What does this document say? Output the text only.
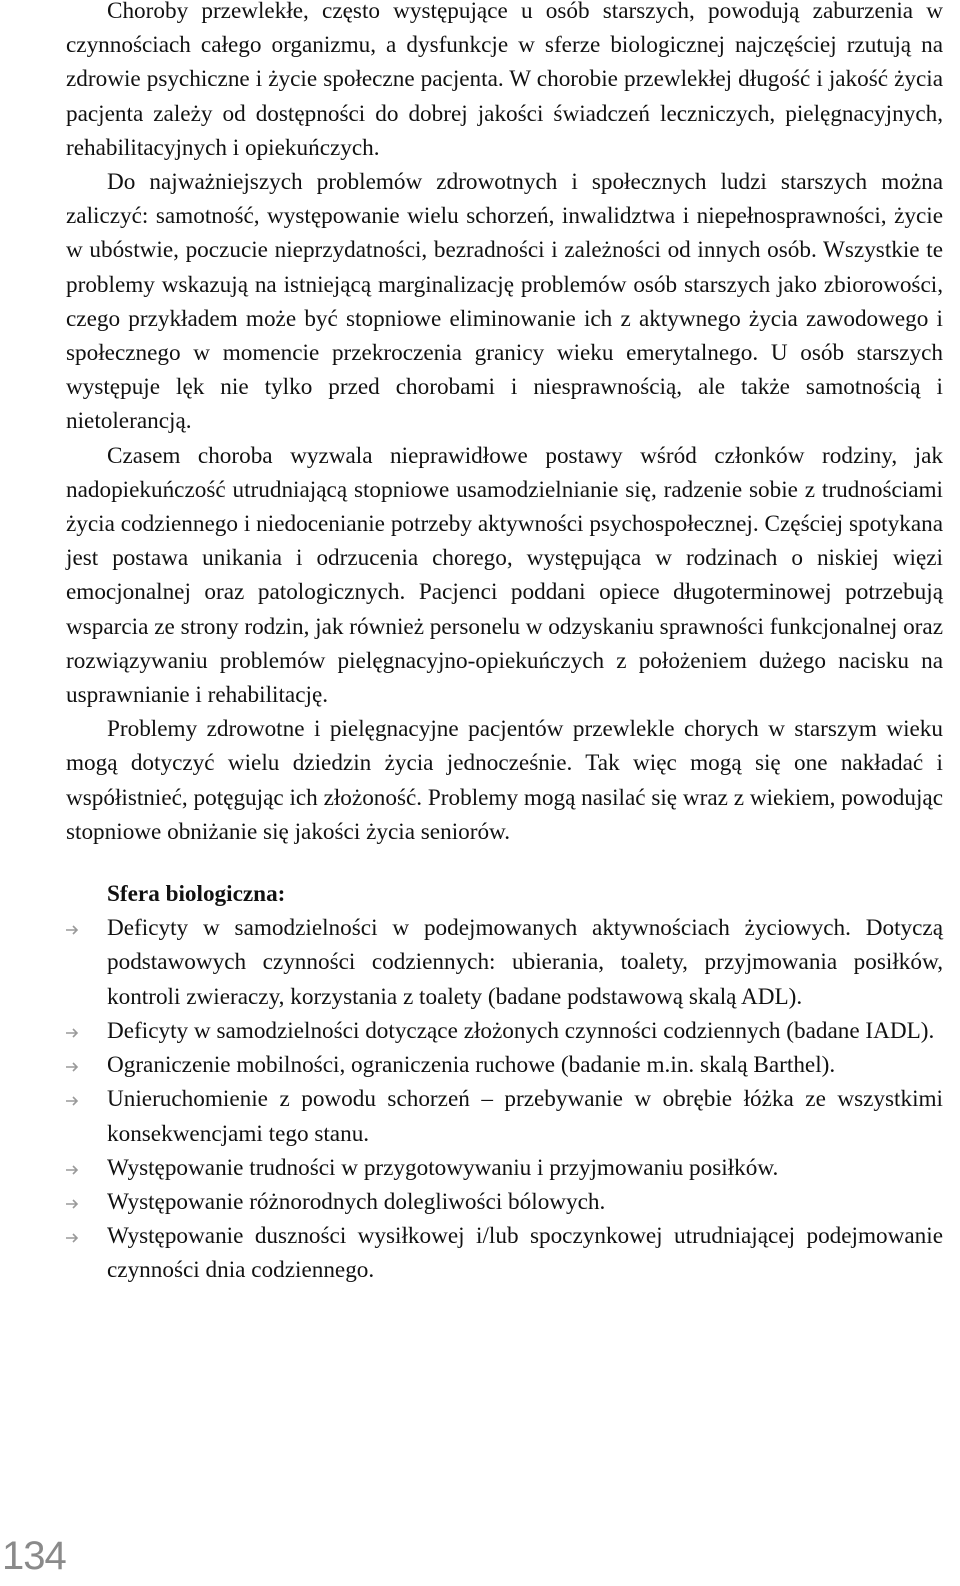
Choroby przewlekłe, często występujące u osób starszych, powodują zaburzenia w czynnościach całego organizmu, a dysfunkcje w sferze biologicznej najczęściej rzutują na zdrowie psychiczne i życie społeczne pacjenta. W chorobie przewlekłej długość i jakość życia pacjenta zależy od dostępności do dobrej jakości świadczeń leczniczych, pielęgnacyjnych, rehabilitacyjnych i opiekuńczych.

Do najważniejszych problemów zdrowotnych i społecznych ludzi starszych można zaliczyć: samotność, występowanie wielu schorzeń, inwalidztwa i niepełnosprawności, życie w ubóstwie, poczucie nieprzydatności, bezradności i zależności od innych osób. Wszystkie te problemy wskazują na istniejącą marginalizację problemów osób starszych jako zbiorowości, czego przykładem może być stopniowe eliminowanie ich z aktywnego życia zawodowego i społecznego w momencie przekroczenia granicy wieku emerytalnego. U osób starszych występuje lęk nie tylko przed chorobami i niesprawnością, ale także samotnością i nietolerancją.

Czasem choroba wyzwala nieprawidłowe postawy wśród członków rodziny, jak nadopiekuńczość utrudniającą stopniowe usamodzielnianie się, radzenie sobie z trudnościami życia codziennego i niedocenianie potrzeby aktywności psychospołecznej. Częściej spotykana jest postawa unikania i odrzucenia chorego, występująca w rodzinach o niskiej więzi emocjonalnej oraz patologicznych. Pacjenci poddani opiece długoterminowej potrzebują wsparcia ze strony rodzin, jak również personelu w odzyskaniu sprawności funkcjonalnej oraz rozwiązywaniu problemów pielęgnacyjno-opiekuńczych z położeniem dużego nacisku na usprawnianie i rehabilitację.

Problemy zdrowotne i pielęgnacyjne pacjentów przewlekle chorych w starszym wieku mogą dotyczyć wielu dziedzin życia jednocześnie. Tak więc mogą się one nakładać i współistnieć, potęgując ich złożoność. Problemy mogą nasilać się wraz z wiekiem, powodując stopniowe obniżanie się jakości życia seniorów.

Sfera biologiczna:
Deficyty w samodzielności w podejmowanych aktywnościach życiowych. Dotyczą podstawowych czynności codziennych: ubierania, toalety, przyjmowania posiłków, kontroli zwieraczy, korzystania z toalety (badane podstawową skalą ADL).
Deficyty w samodzielności dotyczące złożonych czynności codziennych (badane IADL).
Ograniczenie mobilności, ograniczenia ruchowe (badanie m.in. skalą Barthel).
Unieruchomienie z powodu schorzeń – przebywanie w obrębie łóżka ze wszystkimi konsekwencjami tego stanu.
Występowanie trudności w przygotowywaniu i przyjmowaniu posiłków.
Występowanie różnorodnych dolegliwości bólowych.
Występowanie duszności wysiłkowej i/lub spoczynkowej utrudniającej podejmowanie czynności dnia codziennego.
134
